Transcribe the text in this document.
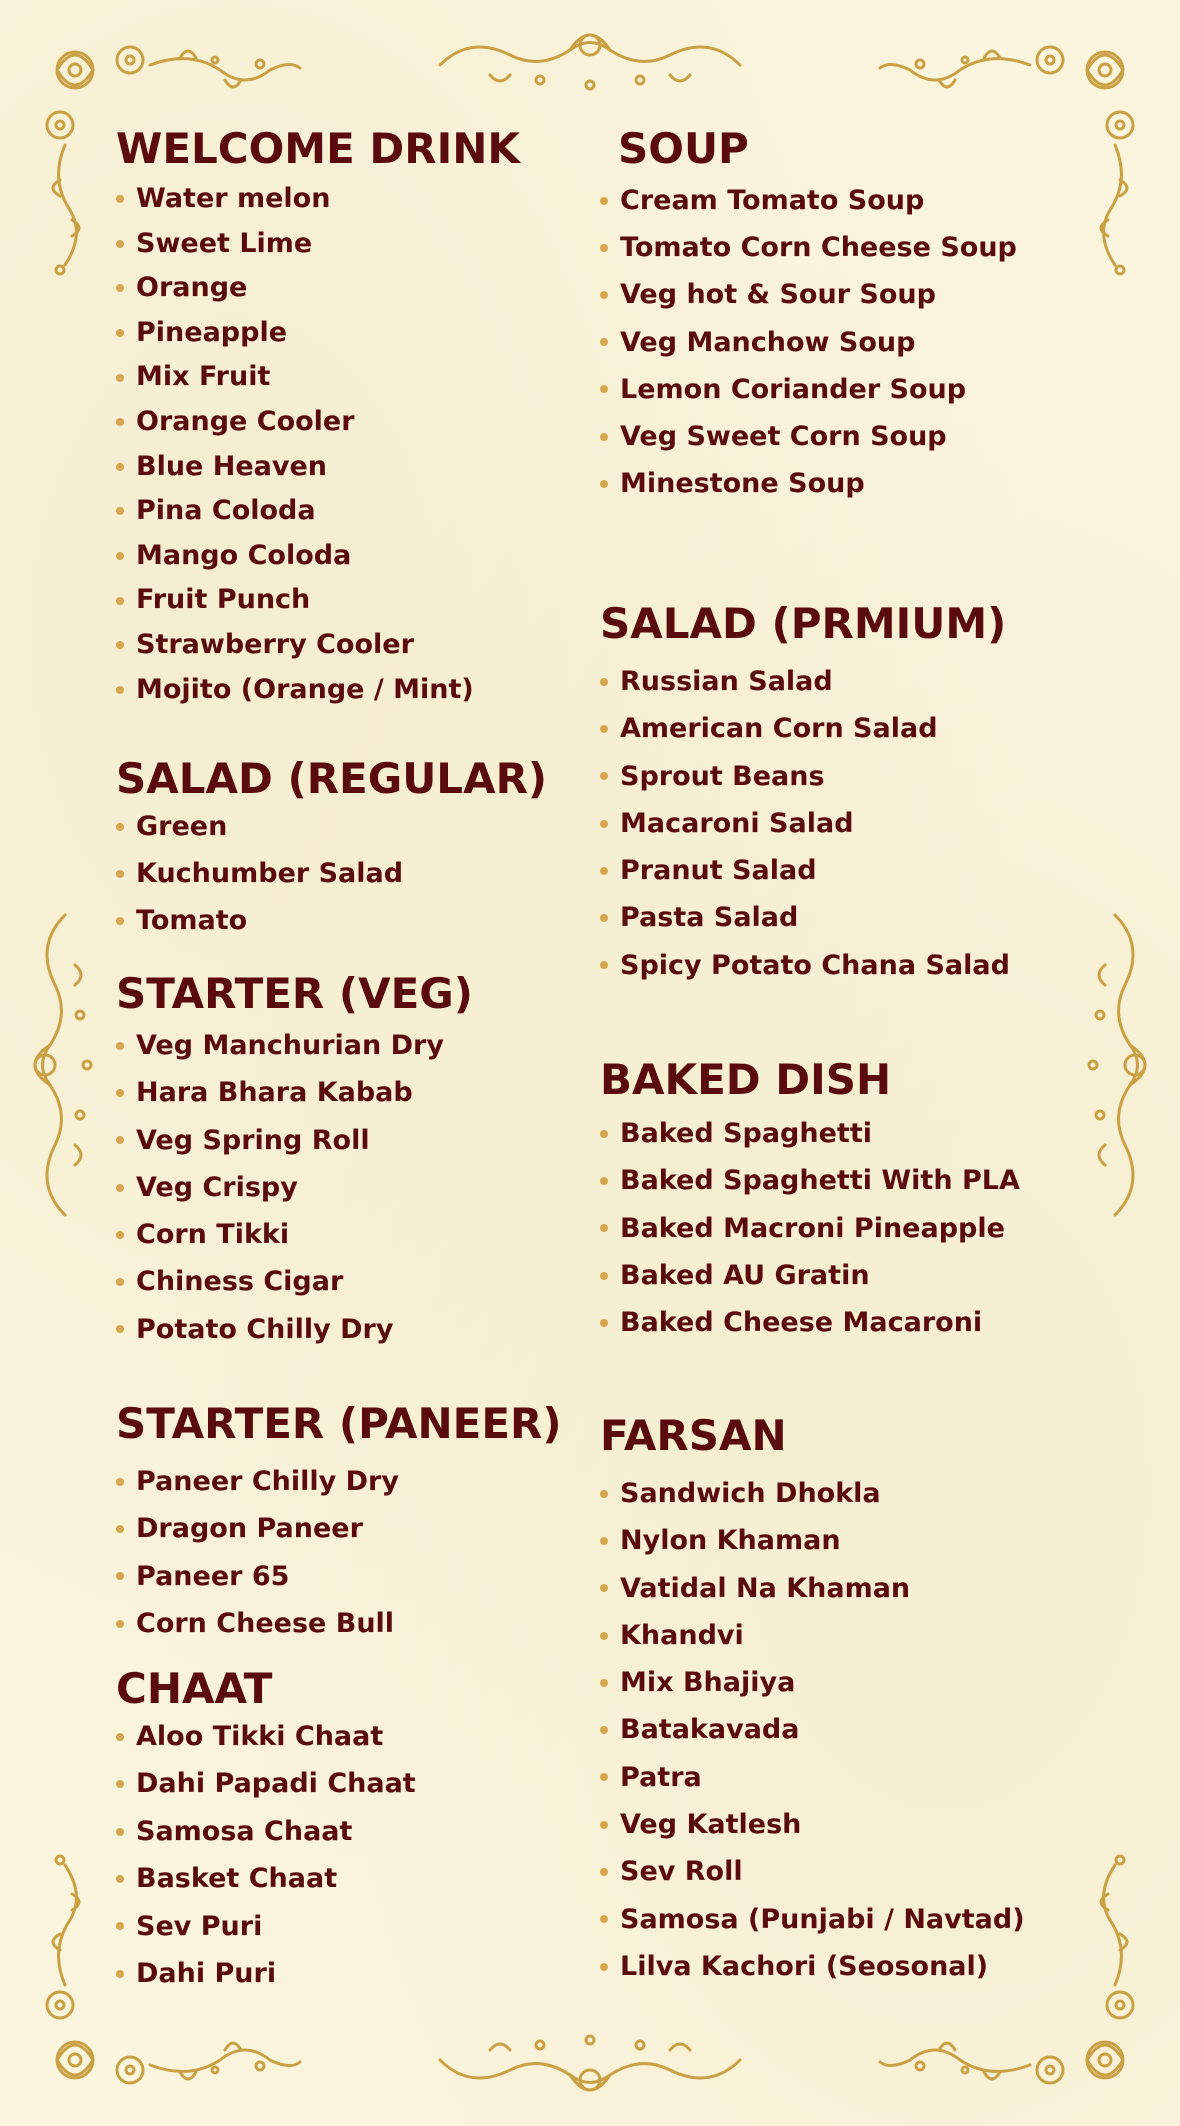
WELCOME DRINK
Water melon
Sweet Lime
Orange
Pineapple
Mix Fruit
Orange Cooler
Blue Heaven
Pina Coloda
Mango Coloda
Fruit Punch
Strawberry Cooler
Mojito (Orange / Mint)
SALAD (REGULAR)
Green
Kuchumber Salad
Tomato
STARTER (VEG)
Veg Manchurian Dry
Hara Bhara Kabab
Veg Spring Roll
Veg Crispy
Corn Tikki
Chiness Cigar
Potato Chilly Dry
STARTER (PANEER)
Paneer Chilly Dry
Dragon Paneer
Paneer 65
Corn Cheese Bull
CHAAT
Aloo Tikki Chaat
Dahi Papadi Chaat
Samosa Chaat
Basket Chaat
Sev Puri
Dahi Puri
SOUP
Cream Tomato Soup
Tomato Corn Cheese Soup
Veg hot & Sour Soup
Veg Manchow Soup
Lemon Coriander Soup
Veg Sweet Corn Soup
Minestone Soup
SALAD (PRMIUM)
Russian Salad
American Corn Salad
Sprout Beans
Macaroni Salad
Pranut Salad
Pasta Salad
Spicy Potato Chana Salad
BAKED DISH
Baked Spaghetti
Baked Spaghetti With PLA
Baked Macroni Pineapple
Baked AU Gratin
Baked Cheese Macaroni
FARSAN
Sandwich Dhokla
Nylon Khaman
Vatidal Na Khaman
Khandvi
Mix Bhajiya
Batakavada
Patra
Veg Katlesh
Sev Roll
Samosa (Punjabi / Navtad)
Lilva Kachori (Seosonal)
